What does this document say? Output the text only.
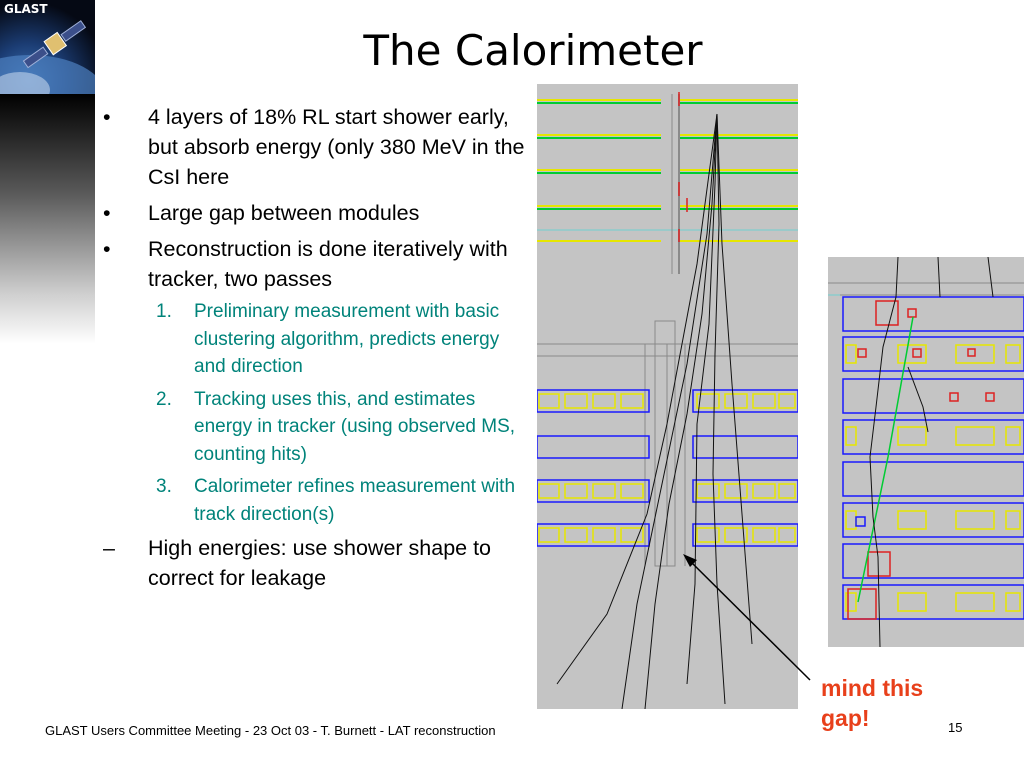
GLAST
The Calorimeter
• 4 layers of 18% RL start shower early, but absorb energy (only 380 MeV in the CsI here
• Large gap between modules
• Reconstruction is done iteratively with tracker, two passes
1. Preliminary measurement with basic clustering algorithm, predicts energy and direction
2. Tracking uses this, and estimates energy in tracker (using observed MS, counting hits)
3. Calorimeter refines measurement with track direction(s)
– High energies: use shower shape to correct for leakage
mind this
gap!
GLAST Users Committee Meeting - 23 Oct 03 - T. Burnett - LAT reconstruction	15
